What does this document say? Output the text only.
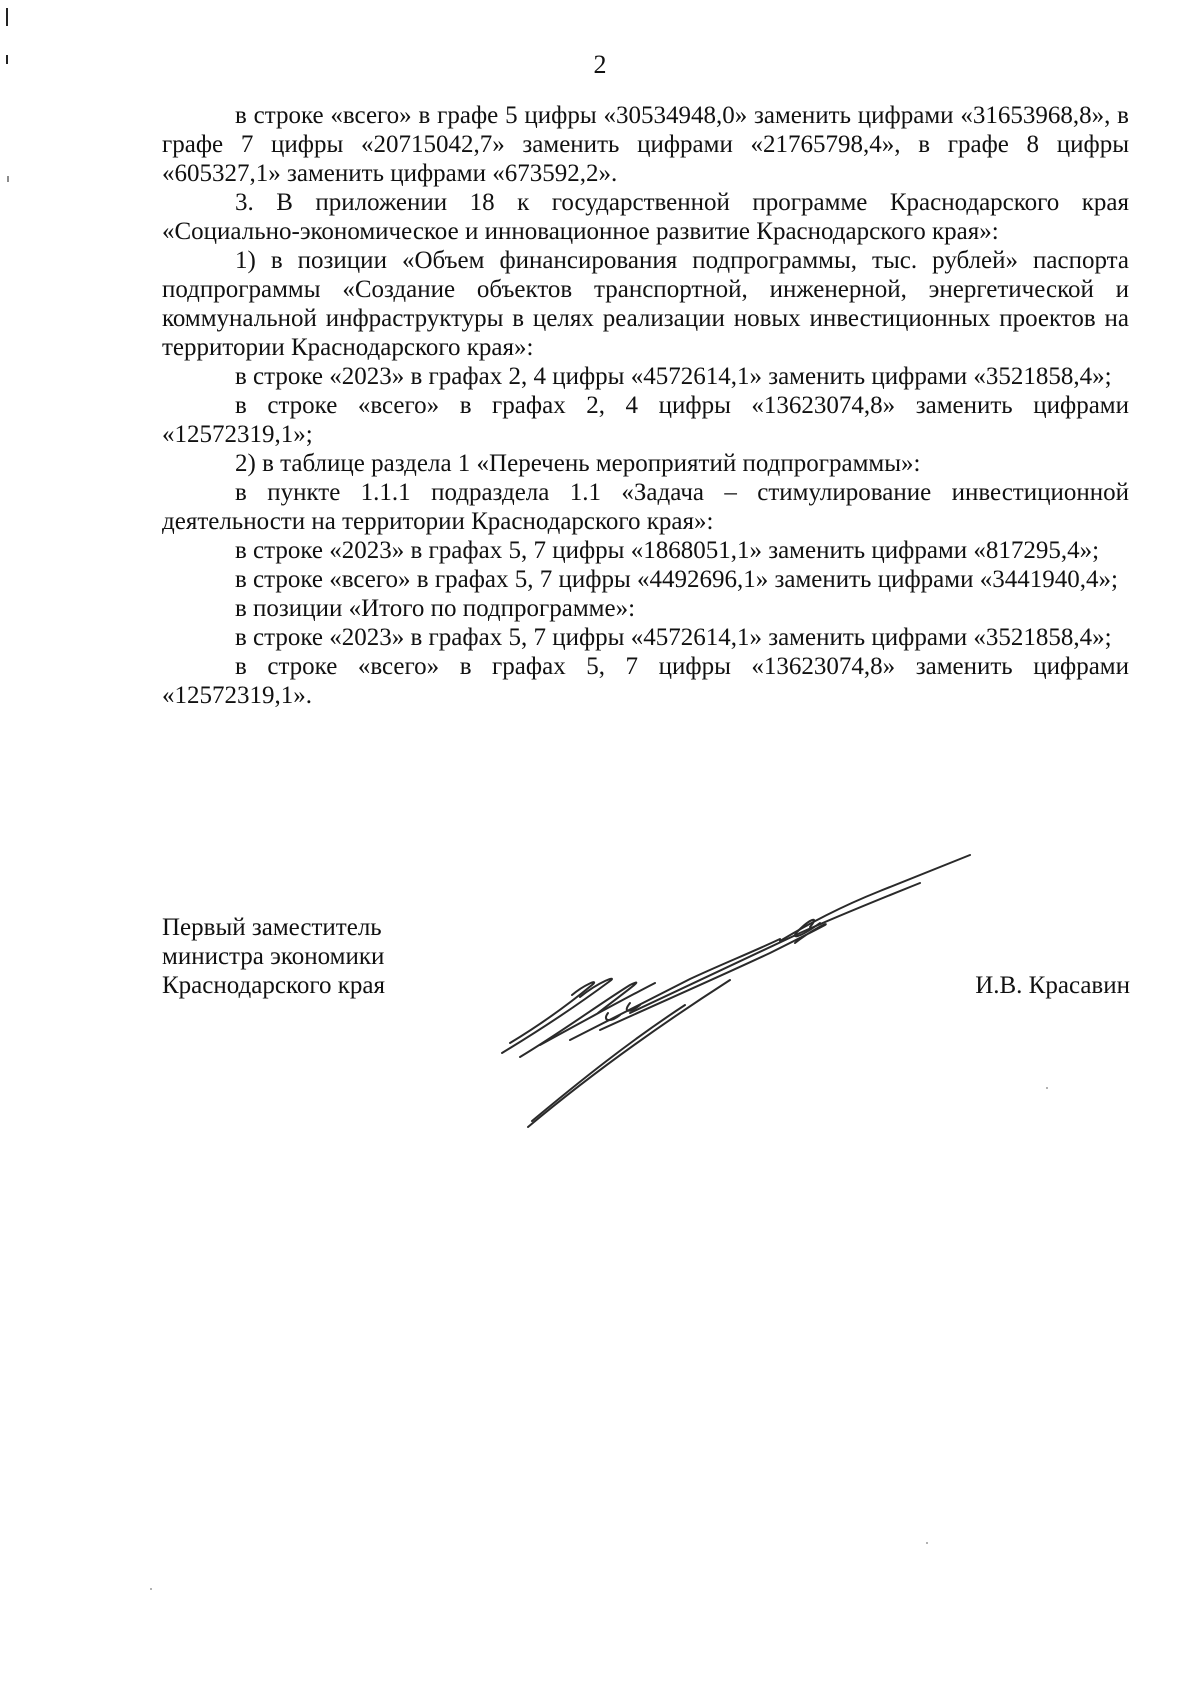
2

в строке «всего» в графе 5 цифры «30534948,0» заменить цифрами «31653968,8», в графе 7 цифры «20715042,7» заменить цифрами «21765798,4», в графе 8 цифры «605327,1» заменить цифрами «673592,2».

3. В приложении 18 к государственной программе Краснодарского края «Социально-экономическое и инновационное развитие Краснодарского края»:

1) в позиции «Объем финансирования подпрограммы, тыс. рублей» паспорта подпрограммы «Создание объектов транспортной, инженерной, энергетической и коммунальной инфраструктуры в целях реализации новых инвестиционных проектов на территории Краснодарского края»:

в строке «2023» в графах 2, 4 цифры «4572614,1» заменить цифрами «3521858,4»;

в строке «всего» в графах 2, 4 цифры «13623074,8» заменить цифрами «12572319,1»;

2) в таблице раздела 1 «Перечень мероприятий подпрограммы»:

в пункте 1.1.1 подраздела 1.1 «Задача – стимулирование инвестиционной деятельности на территории Краснодарского края»:

в строке «2023» в графах 5, 7 цифры «1868051,1» заменить цифрами «817295,4»;

в строке «всего» в графах 5, 7 цифры «4492696,1» заменить цифрами «3441940,4»;

в позиции «Итого по подпрограмме»:

в строке «2023» в графах 5, 7 цифры «4572614,1» заменить цифрами «3521858,4»;

в строке «всего» в графах 5, 7 цифры «13623074,8» заменить цифрами «12572319,1».

Первый заместитель
министра экономики
Краснодарского края	И.В. Красавин
